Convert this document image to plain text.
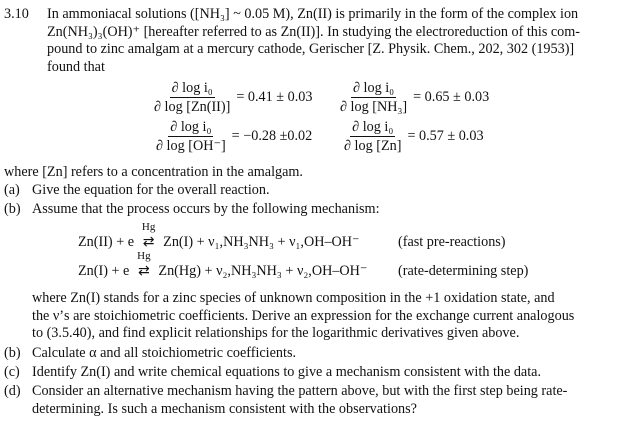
3.10 In ammoniacal solutions ([NH₃] ~ 0.05 M), Zn(II) is primarily in the form of the complex ion
Zn(NH₃)₃(OH)⁺ [hereafter referred to as Zn(II)]. In studying the electroreduction of this com-
pound to zinc amalgam at a mercury cathode, Gerischer [Z. Physik. Chem., 202, 302 (1953)]
found that
$\frac{\text{∂ log i₀}}{\partial \log [Zn(II)]} = 0.41 \pm 0.03 \frac{\text{∂ log i₀}}{\text{∂ log [NH₃]}} = 0.65 \pm 0.03$
$\frac{\text{∂ log i₀}}{\partial \log [OH^-]} = -0.28 \pm 0.02 \frac{\text{∂ log i₀}}{\partial \log [Zn]} = 0.57 \pm 0.03$
where [Zn] refers to a concentration in the amalgam.
(a) Give the equation for the overall reaction.
(b) Assume that the process occurs by the following mechanism:
Zn(II) + e
Hg
⇄ Zn(I) + ν₁,NH₃NH₃ + ν₁,OH–OH⁻	(fast pre-reactions)
Zn(I) + e
Hg
⇄ Zn(Hg) + ν₂,NH₃NH₃ + ν₂,OH–OH⁻ (rate-determining step)
where Zn(I) stands for a zinc species of unknown composition in the +1 oxidation state, and
the ν’s are stoichiometric coefficients. Derive an expression for the exchange current analogous
to (3.5.40), and find explicit relationships for the logarithmic derivatives given above.
(b) Calculate α and all stoichiometric coefficients.
(c) Identify Zn(I) and write chemical equations to give a mechanism consistent with the data.
(d) Consider an alternative mechanism having the pattern above, but with the first step being rate-
determining. Is such a mechanism consistent with the observations?
